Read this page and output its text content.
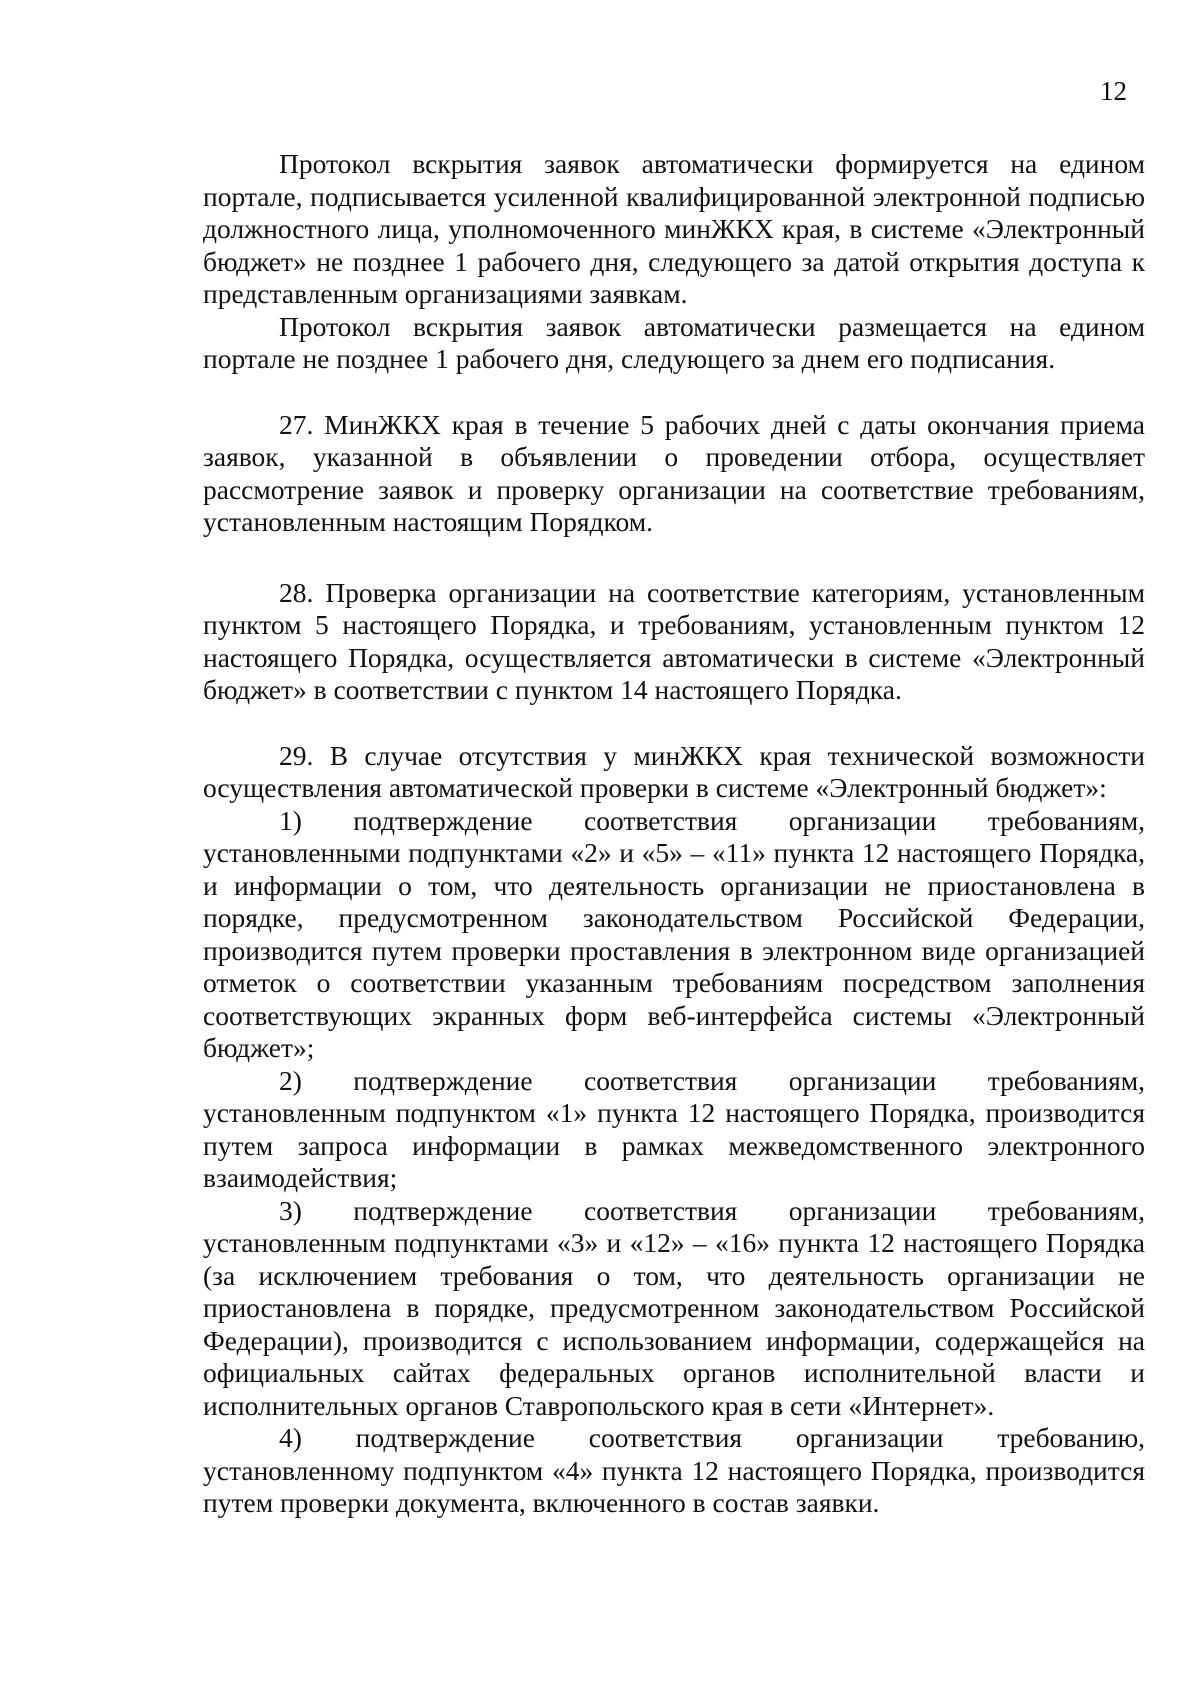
12

Протокол вскрытия заявок автоматически формируется на едином портале, подписывается усиленной квалифицированной электронной подписью должностного лица, уполномоченного минЖКХ края, в системе «Электронный бюджет» не позднее 1 рабочего дня, следующего за датой открытия доступа к представленным организациями заявкам.

Протокол вскрытия заявок автоматически размещается на едином портале не позднее 1 рабочего дня, следующего за днем его подписания.

27. МинЖКХ края в течение 5 рабочих дней с даты окончания приема заявок, указанной в объявлении о проведении отбора, осуществляет рассмотрение заявок и проверку организации на соответствие требованиям, установленным настоящим Порядком.

28. Проверка организации на соответствие категориям, установленным пунктом 5 настоящего Порядка, и требованиям, установленным пунктом 12 настоящего Порядка, осуществляется автоматически в системе «Электронный бюджет» в соответствии с пунктом 14 настоящего Порядка.

29. В случае отсутствия у минЖКХ края технической возможности осуществления автоматической проверки в системе «Электронный бюджет»:

1) подтверждение соответствия организации требованиям, установленными подпунктами «2» и «5» – «11» пункта 12 настоящего Порядка, и информации о том, что деятельность организации не приостановлена в порядке, предусмотренном законодательством Российской Федерации, производится путем проверки проставления в электронном виде организацией отметок о соответствии указанным требованиям посредством заполнения соответствующих экранных форм веб-интерфейса системы «Электронный бюджет»;

2) подтверждение соответствия организации требованиям, установленным подпунктом «1» пункта 12 настоящего Порядка, производится путем запроса информации в рамках межведомственного электронного взаимодействия;

3) подтверждение соответствия организации требованиям, установленным подпунктами «3» и «12» – «16» пункта 12 настоящего Порядка (за исключением требования о том, что деятельность организации не приостановлена в порядке, предусмотренном законодательством Российской Федерации), производится с использованием информации, содержащейся на официальных сайтах федеральных органов исполнительной власти и исполнительных органов Ставропольского края в сети «Интернет».

4) подтверждение соответствия организации требованию, установленному подпунктом «4» пункта 12 настоящего Порядка, производится путем проверки документа, включенного в состав заявки.
